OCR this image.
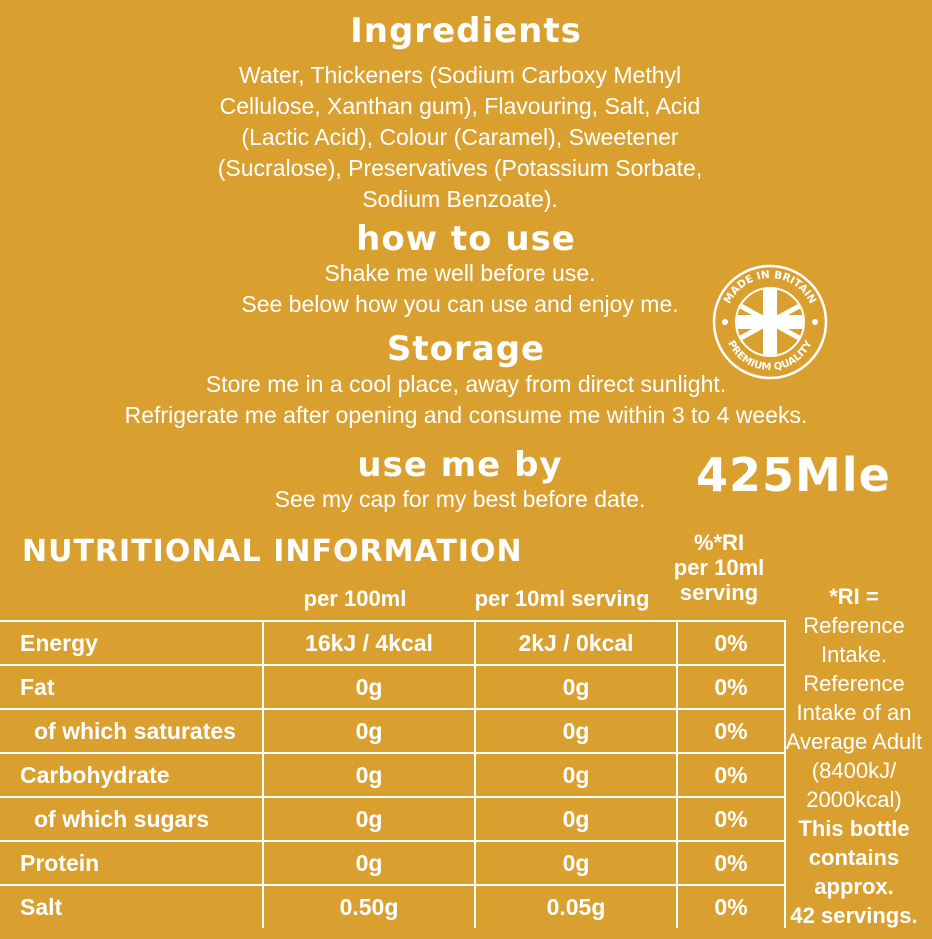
Ingredients
Water, Thickeners (Sodium Carboxy Methyl
Cellulose, Xanthan gum), Flavouring, Salt, Acid
(Lactic Acid), Colour (Caramel), Sweetener
(Sucralose), Preservatives (Potassium Sorbate,
Sodium Benzoate).
how to use
Shake me well before use.
See below how you can use and enjoy me.	MADE IN BRITAIN
PREMIUM QUALITY
Storage
Store me in a cool place, away from direct sunlight.
Refrigerate me after opening and consume me within 3 to 4 weeks.
use me by
See my cap for my best before date.	425Mle
NUTRITIONAL INFORMATION
per 100ml	per 10ml serving
%*RI
per 10ml
serving
Energy	16kJ / 4kcal	2kJ / 0kcal	0%
Fat	0g	0g	0%
of which saturates	0g	0g	0%
Carbohydrate	0g	0g	0%
of which sugars	0g	0g	0%
Protein	0g	0g	0%
Salt	0.50g	0.05g	0%
*RI =
Reference
Intake.
Reference
Intake of an
Average Adult
(8400kJ/
2000kcal)
This bottle
contains
approx.
42 servings.
